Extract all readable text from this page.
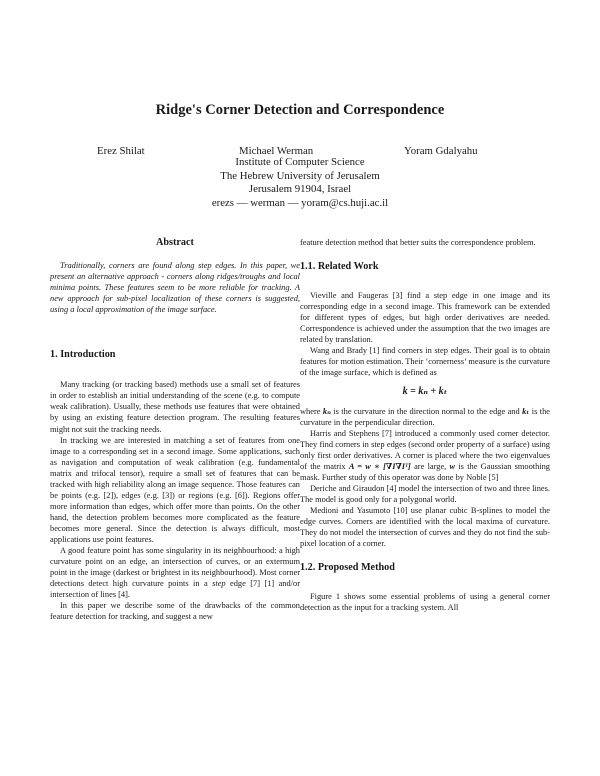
Ridge's Corner Detection and Correspondence
Erez Shilat	Michael Werman	Yoram Gdalyahu
Institute of Computer Science
The Hebrew University of Jerusalem
Jerusalem 91904, Israel
erezs — werman — yoram@cs.huji.ac.il
Abstract

Traditionally, corners are found along step edges. In this paper, we present an alternative approach - corners along ridges/troughs and local minima points. These features seem to be more reliable for tracking. A new approach for sub-pixel localization of these corners is suggested, using a local approximation of the image surface.

1. Introduction

Many tracking (or tracking based) methods use a small set of features in order to establish an initial understanding of the scene (e.g. to compute weak calibration). Usually, these methods use features that were obtained by using an existing feature detection program. The resulting features might not suit the tracking needs.

In tracking we are interested in matching a set of features from one image to a corresponding set in a second image. Some applications, such as navigation and computation of weak calibration (e.g. fundamental matrix and trifocal tensor), require a small set of features that can be tracked with high reliability along an image sequence. Those features can be points (e.g. [2]), edges (e.g. [3]) or regions (e.g. [6]). Regions offer more information than edges, which offer more than points. On the other hand, the detection problem becomes more complicated as the feature becomes more general. Since the detection is always difficult, most applications use point features.

A good feature point has some singularity in its neighbourhood: a high curvature point on an edge, an intersection of curves, or an extermum point in the image (darkest or brightest in its neighbourhood). Most corner detections detect high curvature points in a step edge [7] [1] and/or intersection of lines [4].

In this paper we describe some of the drawbacks of the common feature detection for tracking, and suggest a new

feature detection method that better suits the correspondence problem.

1.1. Related Work

Vieville and Faugeras [3] find a step edge in one image and its corresponding edge in a second image. This framework can be extended for different types of edges, but high order derivatives are needed. Correspondence is achieved under the assumption that the two images are related by translation.

Wang and Brady [1] find corners in step edges. Their goal is to obtain features for motion estimation. Their ‘cornerness’ measure is the curvature of the image surface, which is defined as

k = kₙ + kₜ

where kₙ is the curvature in the direction normal to the edge and kₜ is the curvature in the perpendicular direction.

Harris and Stephens [7] introduced a commonly used corner detector. They find corners in step edges (second order property of a surface) using only first order derivatives. A corner is placed where the two eigenvalues of the matrix A = w ∗ [∇I∇Iᵀ] are large, w is the Gaussian smoothing mask. Further study of this operator was done by Noble [5]

Deriche and Giraudon [4] model the intersection of two and three lines. The model is good only for a polygonal world.

Medioni and Yasumoto [10] use planar cubic B-splines to model the edge curves. Corners are identified with the local maxima of curvature. They do not model the intersection of curves and they do not find the sub-pixel location of a corner.

1.2. Proposed Method

Figure 1 shows some essential problems of using a general corner detection as the input for a tracking system. All
